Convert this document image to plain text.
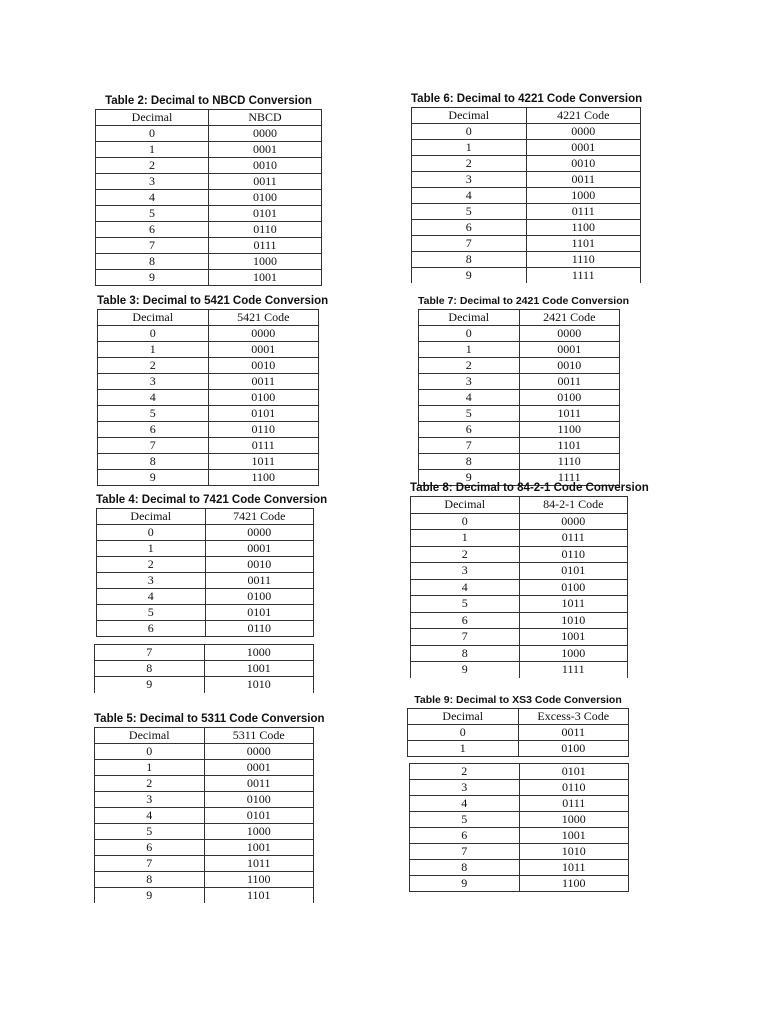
Table 2: Decimal to NBCD Conversion
Decimal	NBCD
0	0000
1	0001
2	0010
3	0011
4	0100
5	0101
6	0110
7	0111
8	1000
9	1001
Table 3: Decimal to 5421 Code Conversion
Decimal	5421 Code
0	0000
1	0001
2	0010
3	0011
4	0100
5	0101
6	0110
7	0111
8	1011
9	1100
Table 4: Decimal to 7421 Code Conversion
Decimal	7421 Code
0	0000
1	0001
2	0010
3	0011
4	0100
5	0101
6	0110
7	1000
8	1001
9	1010
Table 5: Decimal to 5311 Code Conversion
Decimal	5311 Code
0	0000
1	0001
2	0011
3	0100
4	0101
5	1000
6	1001
7	1011
8	1100
9	1101
Table 6: Decimal to 4221 Code Conversion
Decimal	4221 Code
0	0000
1	0001
2	0010
3	0011
4	1000
5	0111
6	1100
7	1101
8	1110
9	1111
Table 7: Decimal to 2421 Code Conversion
Decimal	2421 Code
0	0000
1	0001
2	0010
3	0011
4	0100
5	1011
6	1100
7	1101
8	1110
9	1111
Table 8: Decimal to 84-2-1 Code Conversion
Decimal	84-2-1 Code
0	0000
1	0111
2	0110
3	0101
4	0100
5	1011
6	1010
7	1001
8	1000
9	1111
Table 9: Decimal to XS3 Code Conversion
Decimal	Excess-3 Code
0	0011
1	0100
2	0101
3	0110
4	0111
5	1000
6	1001
7	1010
8	1011
9	1100
